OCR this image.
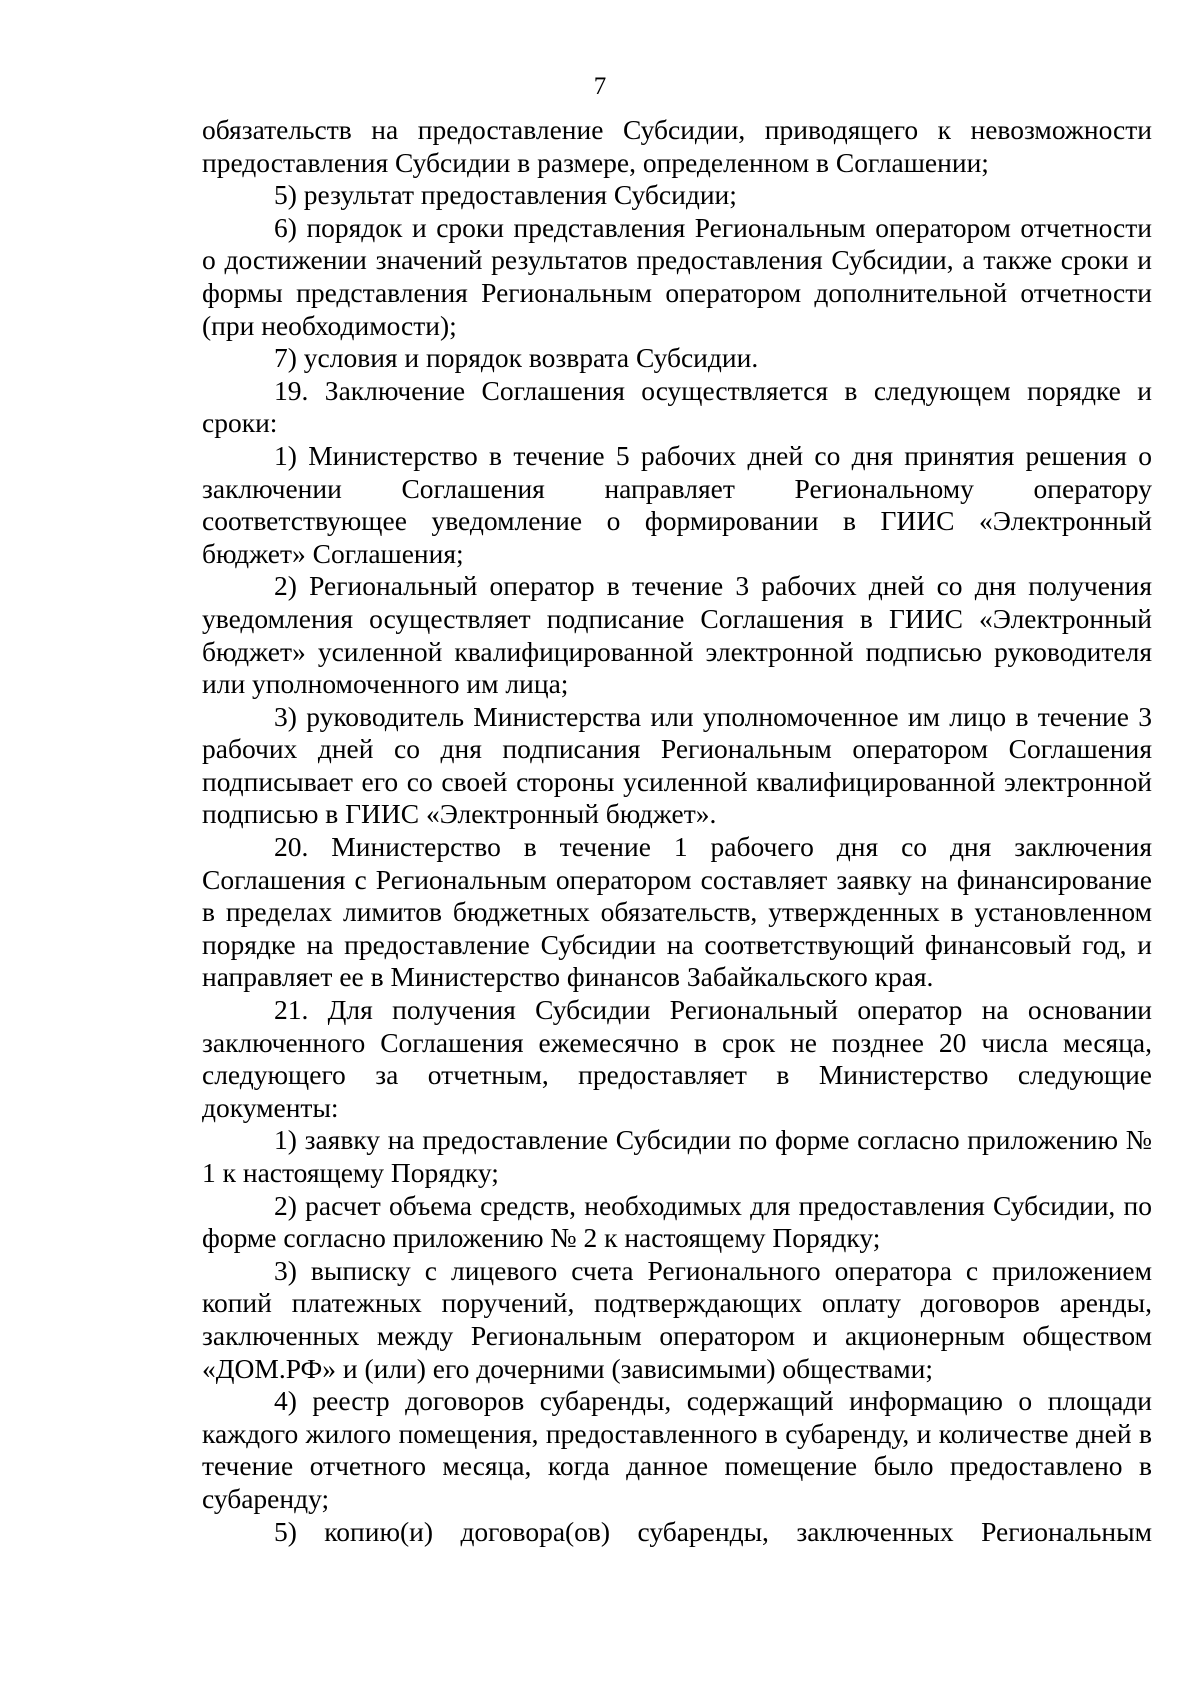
7

обязательств на предоставление Субсидии, приводящего к невозможности предоставления Субсидии в размере, определенном в Соглашении;

5) результат предоставления Субсидии;

6) порядок и сроки представления Региональным оператором отчетности о достижении значений результатов предоставления Субсидии, а также сроки и формы представления Региональным оператором дополнительной отчетности (при необходимости);

7) условия и порядок возврата Субсидии.

19. Заключение Соглашения осуществляется в следующем порядке и сроки:

1) Министерство в течение 5 рабочих дней со дня принятия решения о заключении Соглашения направляет Региональному оператору соответствующее уведомление о формировании в ГИИС «Электронный бюджет» Соглашения;

2) Региональный оператор в течение 3 рабочих дней со дня получения уведомления осуществляет подписание Соглашения в ГИИС «Электронный бюджет» усиленной квалифицированной электронной подписью руководителя или уполномоченного им лица;

3) руководитель Министерства или уполномоченное им лицо в течение 3 рабочих дней со дня подписания Региональным оператором Соглашения подписывает его со своей стороны усиленной квалифицированной электронной подписью в ГИИС «Электронный бюджет».

20. Министерство в течение 1 рабочего дня со дня заключения Соглашения с Региональным оператором составляет заявку на финансирование в пределах лимитов бюджетных обязательств, утвержденных в установленном порядке на предоставление Субсидии на соответствующий финансовый год, и направляет ее в Министерство финансов Забайкальского края.

21. Для получения Субсидии Региональный оператор на основании заключенного Соглашения ежемесячно в срок не позднее 20 числа месяца, следующего за отчетным, предоставляет в Министерство следующие документы:

1) заявку на предоставление Субсидии по форме согласно приложению № 1 к настоящему Порядку;

2) расчет объема средств, необходимых для предоставления Субсидии, по форме согласно приложению № 2 к настоящему Порядку;

3) выписку с лицевого счета Регионального оператора с приложением копий платежных поручений, подтверждающих оплату договоров аренды, заключенных между Региональным оператором и акционерным обществом «ДОМ.РФ» и (или) его дочерними (зависимыми) обществами;

4) реестр договоров субаренды, содержащий информацию о площади каждого жилого помещения, предоставленного в субаренду, и количестве дней в течение отчетного месяца, когда данное помещение было предоставлено в субаренду;

5) копию(и) договора(ов) субаренды, заключенных Региональным
